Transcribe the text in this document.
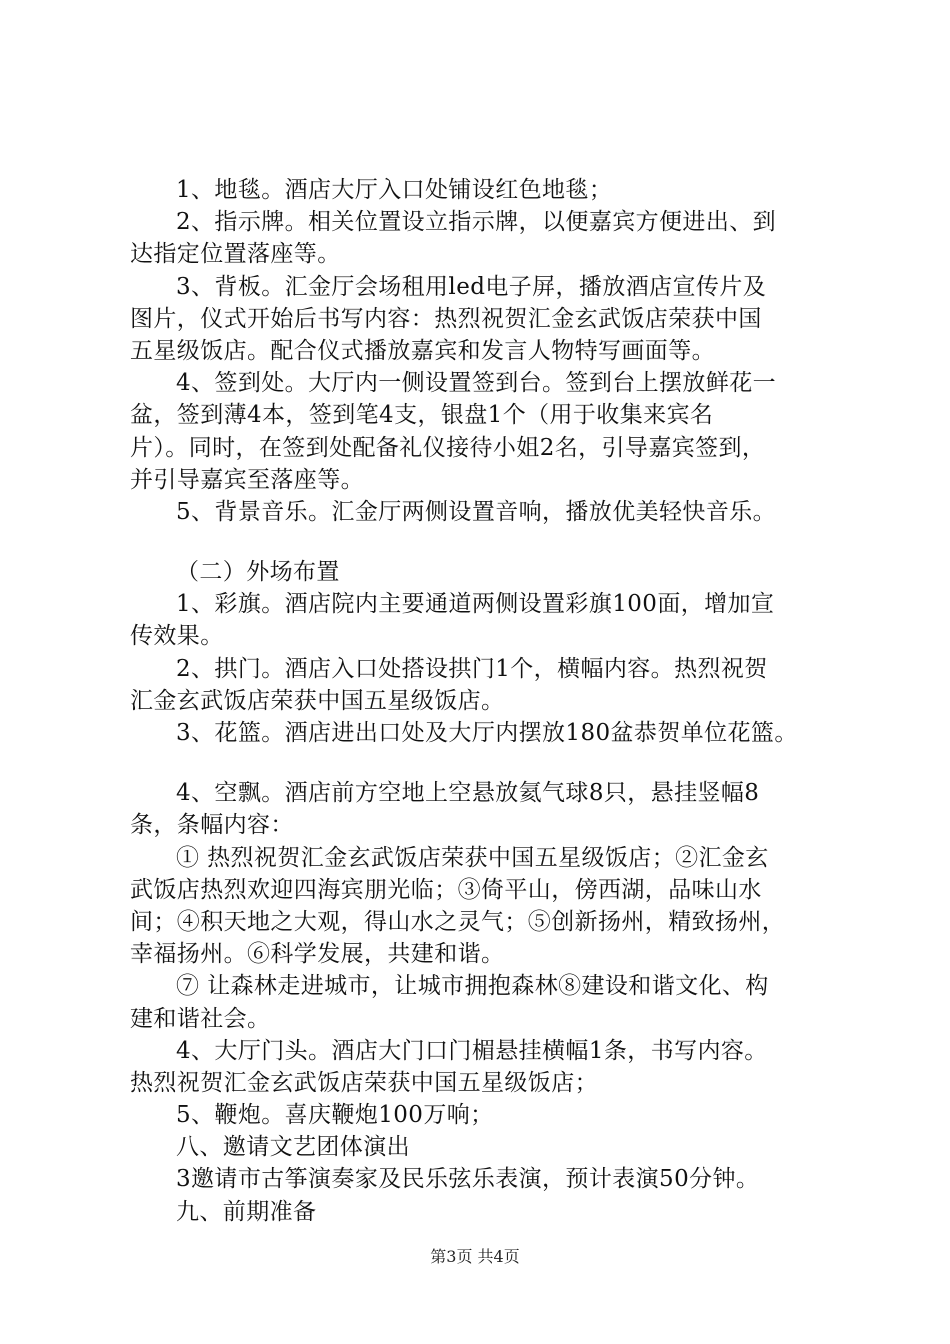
1、地毯。酒店大厅入口处铺设红色地毯；
2、指示牌。相关位置设立指示牌，以便嘉宾方便进出、到
达指定位置落座等。
3、背板。汇金厅会场租用led电子屏，播放酒店宣传片及
图片，仪式开始后书写内容：热烈祝贺汇金玄武饭店荣获中国
五星级饭店。配合仪式播放嘉宾和发言人物特写画面等。
4、签到处。大厅内一侧设置签到台。签到台上摆放鲜花一
盆，签到薄4本，签到笔4支，银盘1个（用于收集来宾名
片）。同时，在签到处配备礼仪接待小姐2名，引导嘉宾签到，
并引导嘉宾至落座等。
5、背景音乐。汇金厅两侧设置音响，播放优美轻快音乐。
（二）外场布置
1、彩旗。酒店院内主要通道两侧设置彩旗100面，增加宣
传效果。
2、拱门。酒店入口处搭设拱门1个，横幅内容。热烈祝贺
汇金玄武饭店荣获中国五星级饭店。
3、花篮。酒店进出口处及大厅内摆放180盆恭贺单位花篮。
4、空飘。酒店前方空地上空悬放氦气球8只，悬挂竖幅8
条，条幅内容：
① 热烈祝贺汇金玄武饭店荣获中国五星级饭店；②汇金玄
武饭店热烈欢迎四海宾朋光临；③倚平山，傍西湖，品味山水
间；④积天地之大观，得山水之灵气；⑤创新扬州，精致扬州，
幸福扬州。⑥科学发展，共建和谐。
⑦ 让森林走进城市，让城市拥抱森林⑧建设和谐文化、构
建和谐社会。
4、大厅门头。酒店大门口门楣悬挂横幅1条，书写内容。
热烈祝贺汇金玄武饭店荣获中国五星级饭店；
5、鞭炮。喜庆鞭炮100万响；
八、邀请文艺团体演出
3邀请市古筝演奏家及民乐弦乐表演，预计表演50分钟。
九、前期准备
第3页 共4页
